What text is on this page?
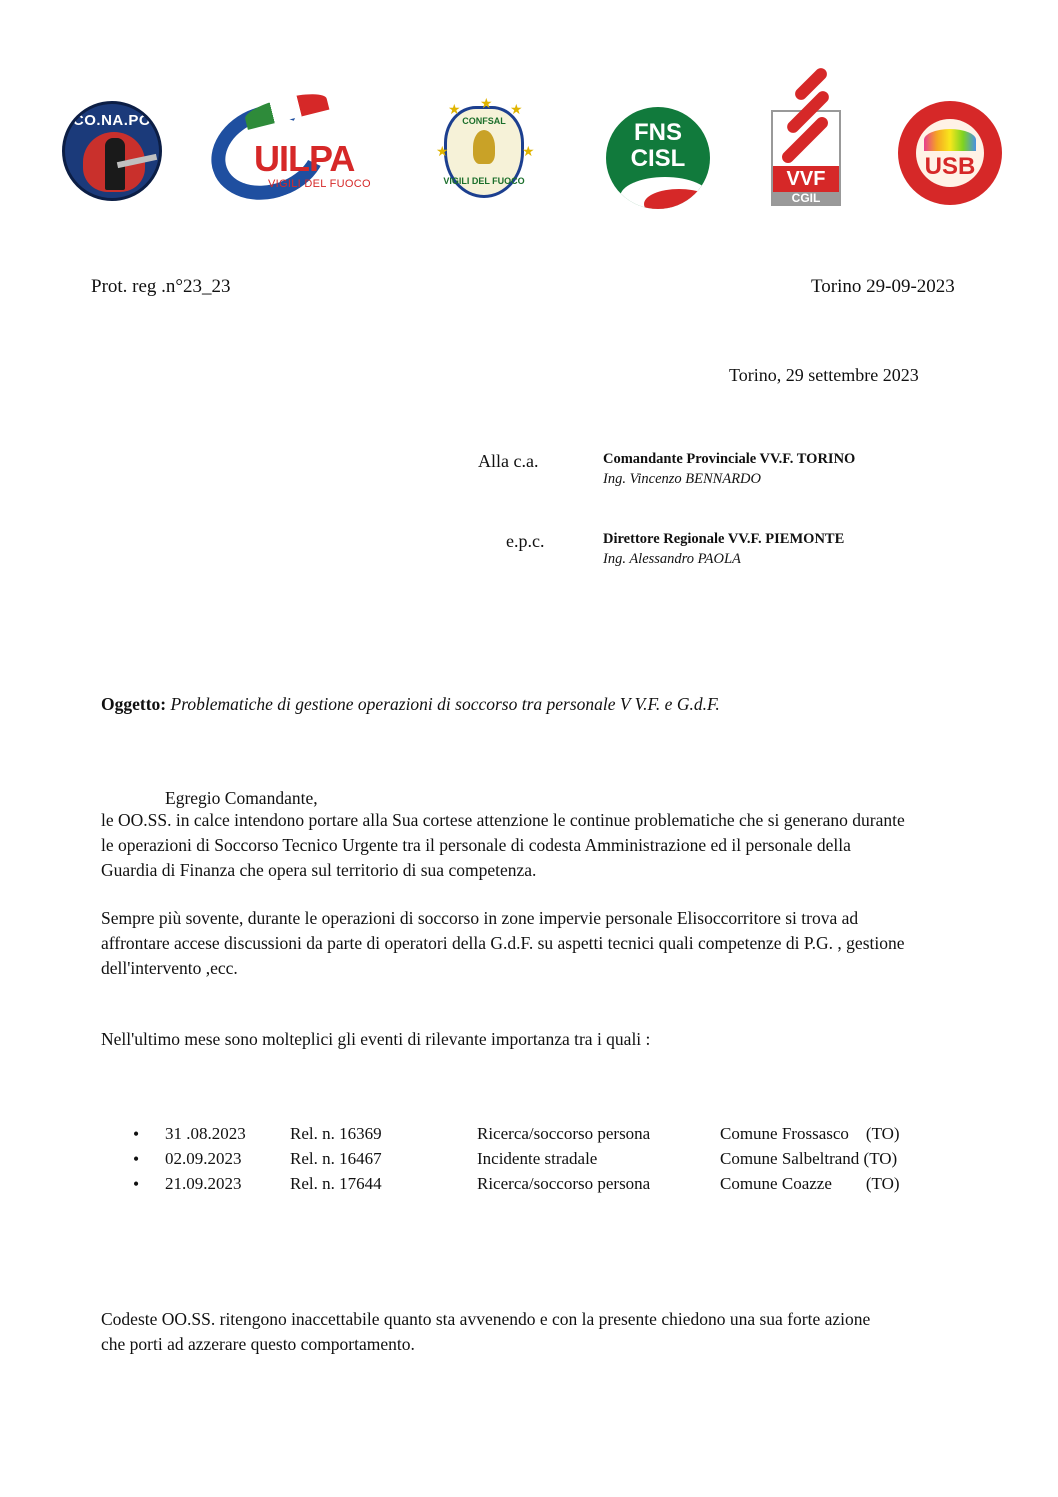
CO.NA.PO
UILPA
VIGILI DEL FUOCO
★
★	★
★	★
CONFSAL
VIGILI DEL FUOCO
FNS
CISL
VVF
CGIL
USB
Prot. reg .n°23_23	Torino 29-09-2023
Torino, 29 settembre 2023
Alla c.a.	Comandante Provinciale VV.F. TORINO
Ing. Vincenzo BENNARDO
e.p.c.	Direttore Regionale VV.F. PIEMONTE
Ing. Alessandro PAOLA
Oggetto: Problematiche di gestione operazioni di soccorso tra personale V V.F. e G.d.F.
Egregio Comandante,
le OO.SS. in calce intendono portare alla Sua cortese attenzione le continue problematiche che si generano durante
le operazioni di Soccorso Tecnico Urgente tra il personale di codesta Amministrazione ed il personale della
Guardia di Finanza che opera sul territorio di sua competenza.
Sempre più sovente, durante le operazioni di soccorso in zone impervie personale Elisoccorritore si trova ad
affrontare accese discussioni da parte di operatori della G.d.F. su aspetti tecnici quali competenze di P.G. , gestione
dell'intervento ,ecc.
Nell'ultimo mese sono molteplici gli eventi di rilevante importanza tra i quali :
• 31 .08.2023	Rel. n. 16369	Ricerca/soccorso persona	Comune Frossasco    (TO)
• 02.09.2023	Rel. n. 16467	Incidente stradale	Comune Salbeltrand (TO)
• 21.09.2023	Rel. n. 17644	Ricerca/soccorso persona	Comune Coazze        (TO)
Codeste OO.SS. ritengono inaccettabile quanto sta avvenendo e con la presente chiedono una sua forte azione
che porti ad azzerare questo comportamento.
